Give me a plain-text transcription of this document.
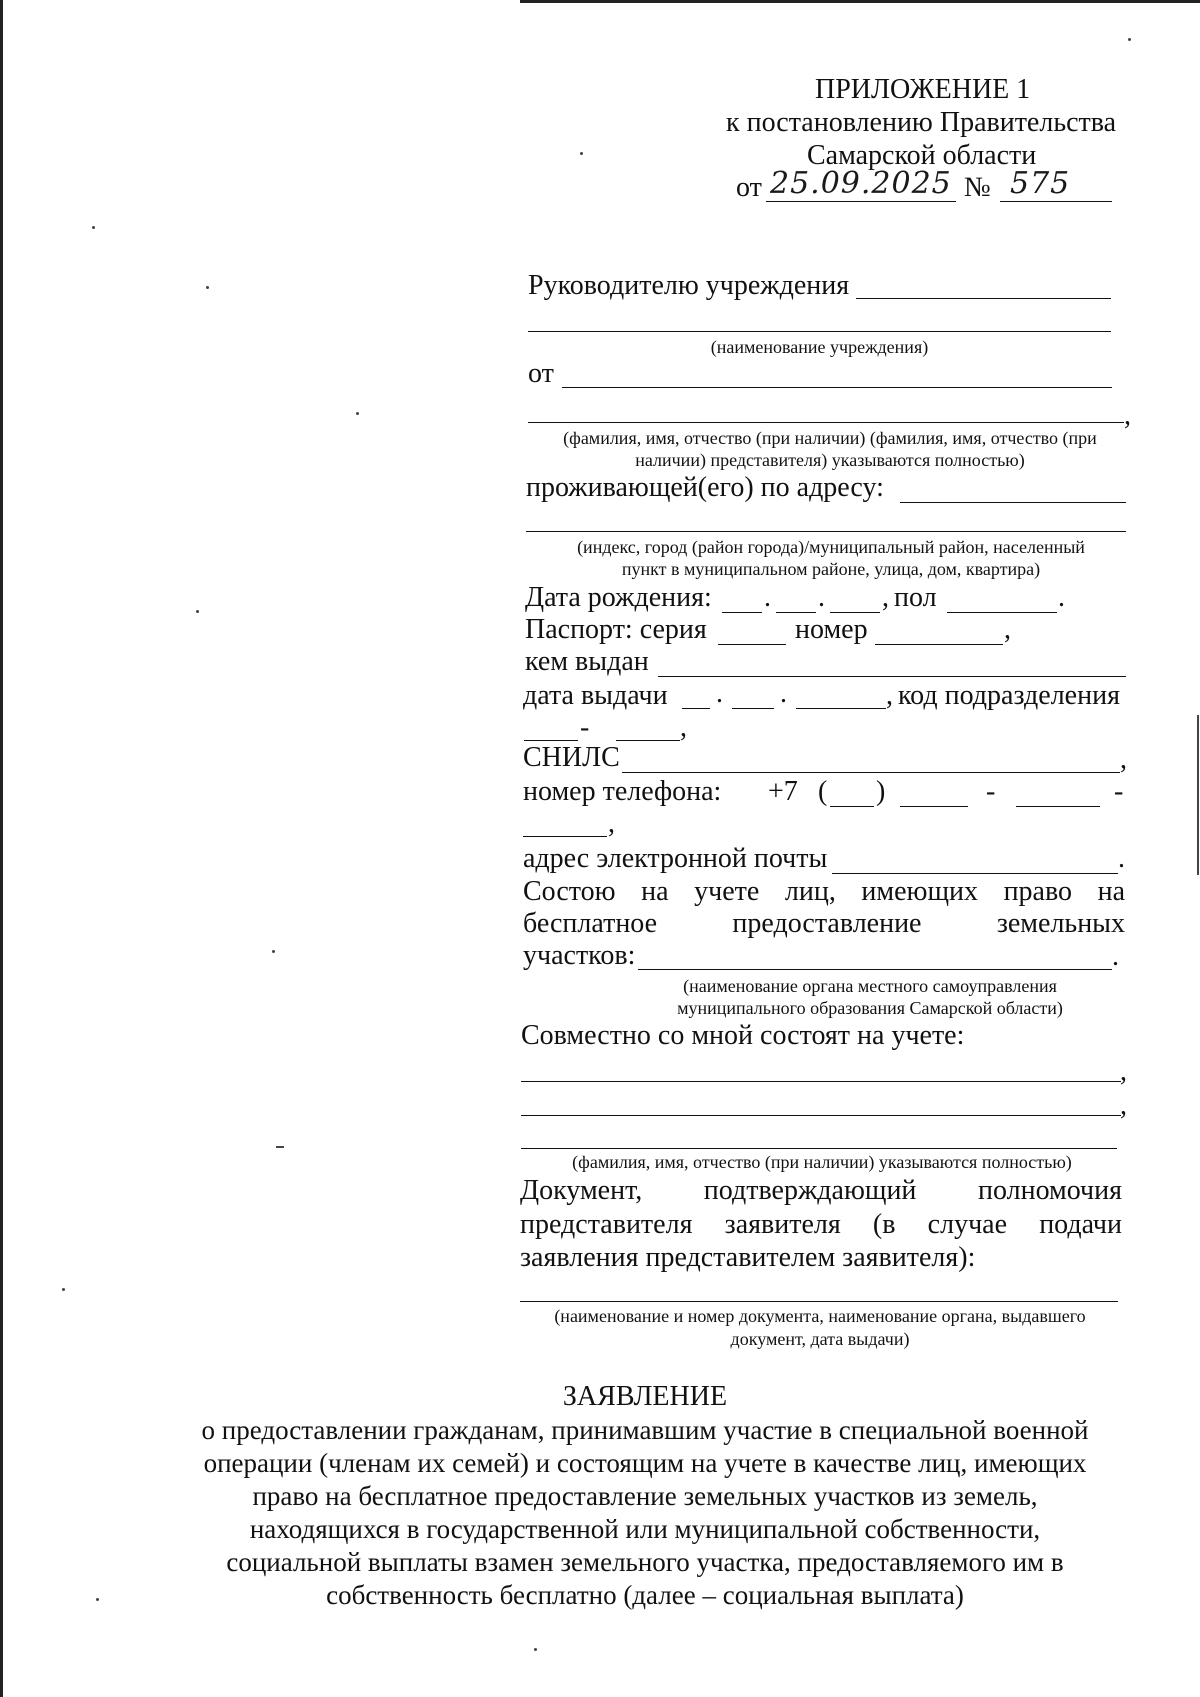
ПРИЛОЖЕНИЕ 1
к постановлению Правительства
Самарской области
от 25.09.2025 № 575
Руководителю учреждения
(наименование учреждения)
от
,
(фамилия, имя, отчество (при наличии) (фамилия, имя, отчество (при
наличии) представителя) указываются полностью)
проживающей(его) по адресу:
(индекс, город (район города)/муниципальный район, населенный
пункт в муниципальном районе, улица, дом, квартира)
Дата рождения: . . , пол	.
Паспорт: серия	номер	,
кем выдан
дата выдачи . .	, код подразделения
-	,
СНИЛС	,
номер телефона: +7 ( )	-	-
,
адрес электронной почты	.
Состою на учете лиц, имеющих право на
бесплатное предоставление земельных
участков:	.
(наименование органа местного самоуправления
муниципального образования Самарской области)
Совместно со мной состоят на учете:
,
,
(фамилия, имя, отчество (при наличии) указываются полностью)
Документ, подтверждающий полномочия
представителя заявителя (в случае подачи
заявления представителем заявителя):
(наименование и номер документа, наименование органа, выдавшего
документ, дата выдачи)
ЗАЯВЛЕНИЕ
о предоставлении гражданам, принимавшим участие в специальной военной
операции (членам их семей) и состоящим на учете в качестве лиц, имеющих
право на бесплатное предоставление земельных участков из земель,
находящихся в государственной или муниципальной собственности,
социальной выплаты взамен земельного участка, предоставляемого им в
собственность бесплатно (далее – социальная выплата)
